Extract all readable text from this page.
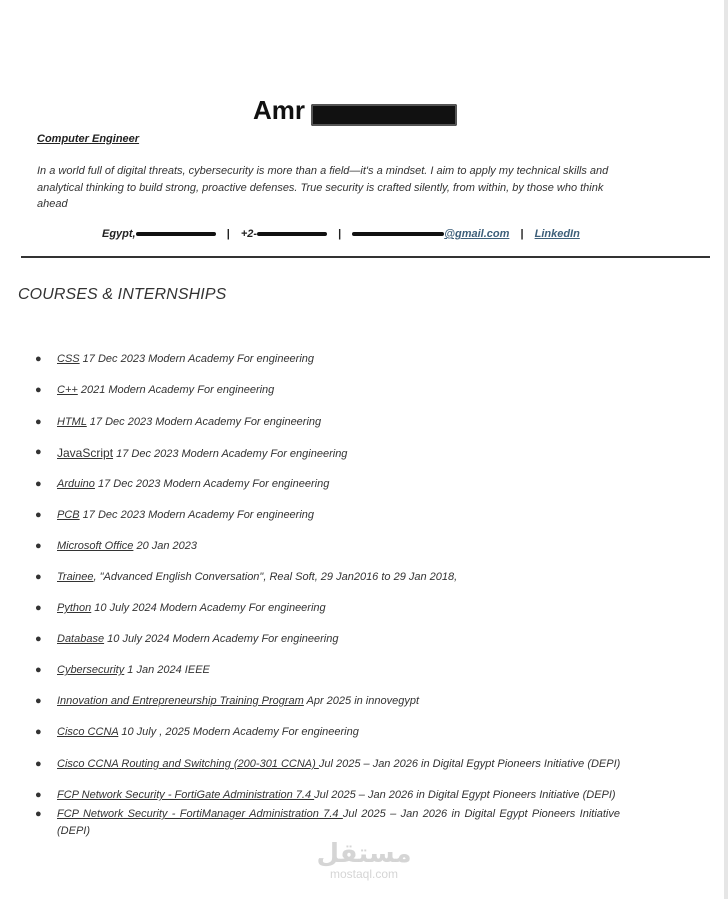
Amr
Computer Engineer
In a world full of digital threats, cybersecurity is more than a field—it's a mindset. I aim to apply my technical skills and analytical thinking to build strong, proactive defenses. True security is crafted silently, from within, by those who think ahead
Egypt,	| +2-	|	@gmail.com | LinkedIn
COURSES & INTERNSHIPS
● CSS 17 Dec 2023 Modern Academy For engineering
● C++ 2021 Modern Academy For engineering
● HTML 17 Dec 2023 Modern Academy For engineering
● JavaScript 17 Dec 2023 Modern Academy For engineering
● Arduino 17 Dec 2023 Modern Academy For engineering
● PCB 17 Dec 2023 Modern Academy For engineering
● Microsoft Office 20 Jan 2023
● Trainee, "Advanced English Conversation", Real Soft, 29 Jan2016 to 29 Jan 2018,
● Python 10 July 2024 Modern Academy For engineering
● Database 10 July 2024 Modern Academy For engineering
● Cybersecurity 1 Jan 2024 IEEE
● Innovation and Entrepreneurship Training Program Apr 2025 in innovegypt
● Cisco CCNA 10 July , 2025 Modern Academy For engineering
● Cisco CCNA Routing and Switching (200-301 CCNA) Jul 2025 – Jan 2026 in Digital Egypt Pioneers Initiative (DEPI)
● FCP Network Security - FortiGate Administration 7.4 Jul 2025 – Jan 2026 in Digital Egypt Pioneers Initiative (DEPI)
● FCP Network Security - FortiManager Administration 7.4 Jul 2025 – Jan 2026 in Digital Egypt Pioneers Initiative (DEPI)
مستقل
mostaql.com
